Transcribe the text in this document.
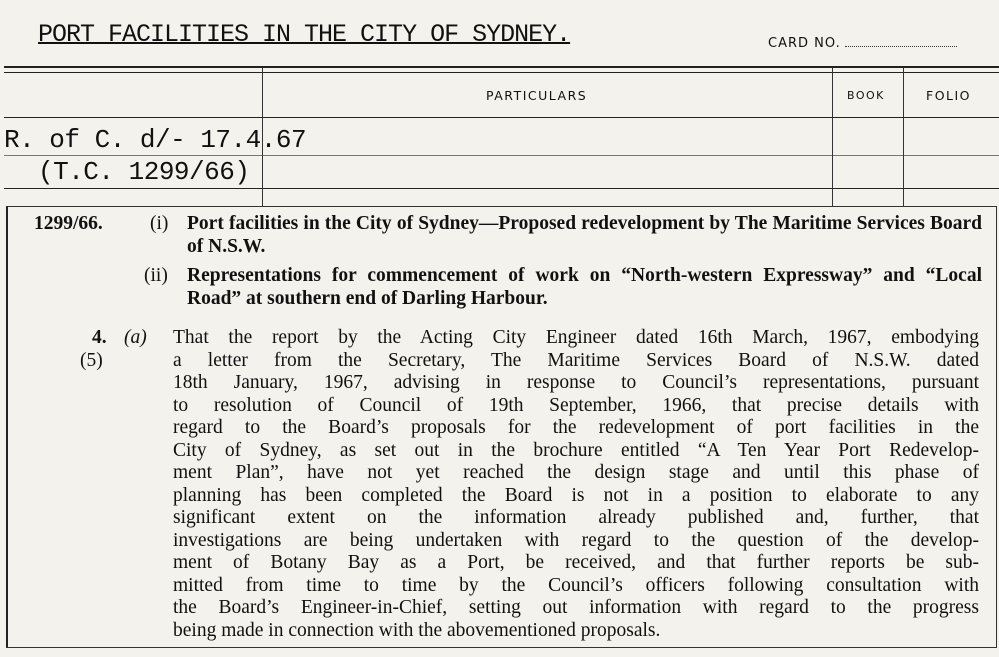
PORT FACILITIES IN THE CITY OF SYDNEY.	CARD NO.
PARTICULARS	BOOK	FOLIO
R. of C. d/- 17.4.67
(T.C. 1299/66)
1299/66. (i) Port facilities in the City of Sydney—Proposed redevelopment by The Maritime Services Board of N.S.W.
(ii) Representations for commencement of work on “North-western Expressway” and “Local Road” at southern end of Darling Harbour.
4. (a)
(5)
That the report by the Acting City Engineer dated 16th March, 1967, embodying
a letter from the Secretary, The Maritime Services Board of N.S.W. dated
18th January, 1967, advising in response to Council’s representations, pursuant
to resolution of Council of 19th September, 1966, that precise details with
regard to the Board’s proposals for the redevelopment of port facilities in the
City of Sydney, as set out in the brochure entitled “A Ten Year Port Redevelop-
ment Plan”, have not yet reached the design stage and until this phase of
planning has been completed the Board is not in a position to elaborate to any
significant extent on the information already published and, further, that
investigations are being undertaken with regard to the question of the develop-
ment of Botany Bay as a Port, be received, and that further reports be sub-
mitted from time to time by the Council’s officers following consultation with
the Board’s Engineer-in-Chief, setting out information with regard to the progress
being made in connection with the abovementioned proposals.
